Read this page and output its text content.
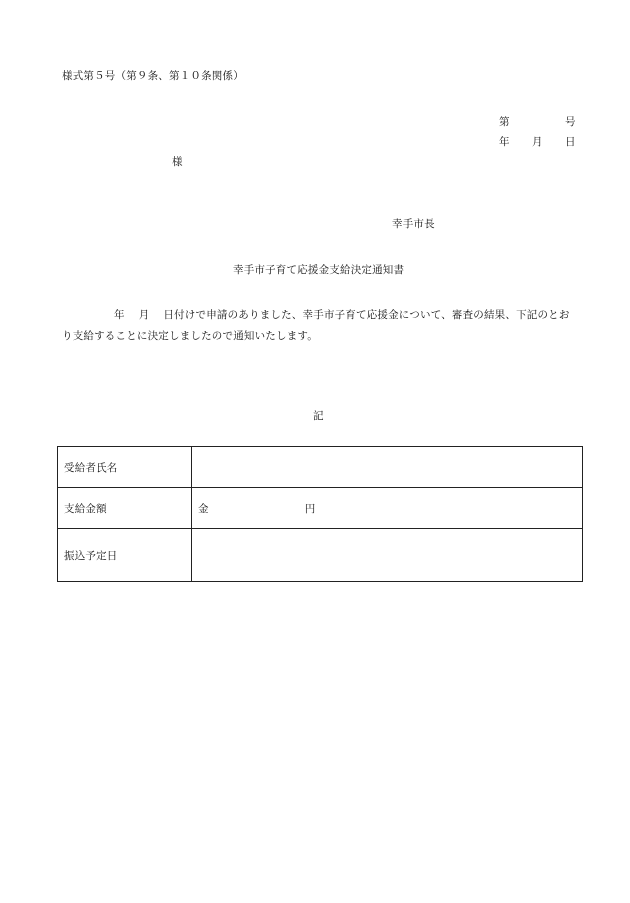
様式第５号（第９条、第１０条関係）
第	号
年 月 日
様
幸手市長
幸手市子育て応援金支給決定通知書
年 月 日付けで申請のありました、幸手市子育て応援金について、審査の結果、下記のとお
り支給することに決定しましたので通知いたします。
記
受給者氏名	
支給金額	金 円
振込予定日	
